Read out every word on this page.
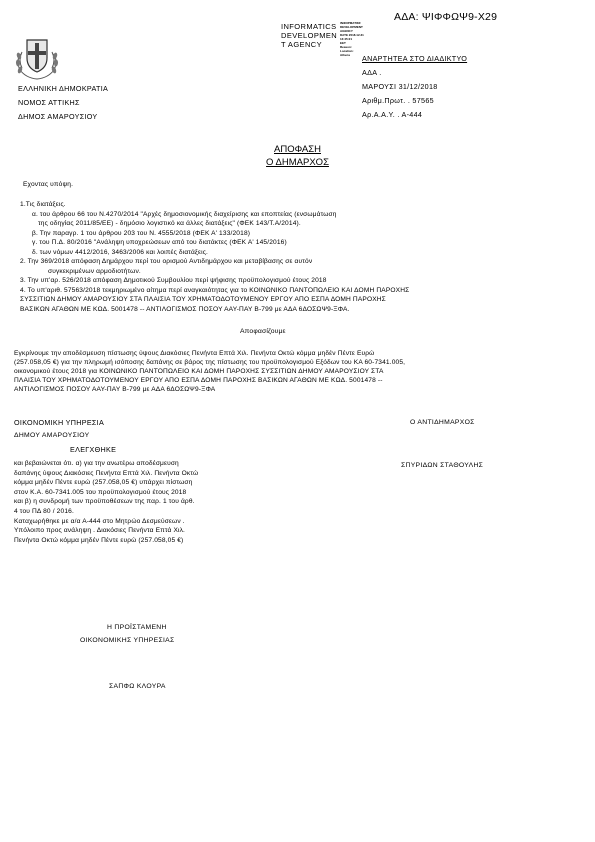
ΑΔΑ: ΨΙΦΦΩΨ9-Χ29
INFORMATICS
DEVELOPMEN
T AGENCY
ΙΝΦΟΡΜΑΤΙΚΣ
DEVELOPMENT
AGENCY
DATE 2018.12.31
13:45:21
EET
Reason:
Location:
Athens
ΕΛΛΗΝΙΚΗ ΔΗΜΟΚΡΑΤΙΑ
ΝΟΜΟΣ ΑΤΤΙΚΗΣ
ΔΗΜΟΣ ΑΜΑΡΟΥΣΙΟΥ
ΑΝΑΡΤΗΤΕΑ ΣΤΟ ΔΙΑΔΙΚΤΥΟ
ΑΔΑ .
ΜΑΡΟΥΣΙ 31/12/2018
Αριθμ.Πρωτ. . 57565
Αρ.Α.Α.Υ. . Α-444
ΑΠΟΦΑΣΗ
Ο ΔΗΜΑΡΧΟΣ
Εχοντας υπόψη.
1.Τις διατάξεις.
α. του άρθρου 66 του Ν.4270/2014 "Αρχές δημοσιονομικής διαχείρισης και εποπτείας (ενσωμάτωση
της οδηγίας 2011/85/ΕΕ) - δημόσιο λογιστικό κα άλλες διατάξεις" (ΦΕΚ 143/Τ.Α/2014).
β. Την παραγρ. 1 του άρθρου 203 του Ν. 4555/2018 (ΦΕΚ Α' 133/2018)
γ. του Π.Δ. 80/2016 "Ανάληψη υποχρεώσεων από του διατάκτες (ΦΕΚ Α' 145/2016)
δ. των νόμων 4412/2016, 3463/2006 και λοιπές διατάξεις.
2. Την 369/2018 απόφαση Δημάρχου περί του ορισμού Αντιδημάρχου και μεταβίβασης σε αυτόν
συγκεκριμένων αρμοδιοτήτων.
3. Την υπ'αρ. 526/2018 απόφαση Δημοτικού Συμβουλίου περί ψήφισης προϋπολογισμού έτους 2018
4. Το υπ'αριθ. 57563/2018 τεκμηριωμένο αίτημα περί αναγκαιότητας για το ΚΟΙΝΩΝΙΚΟ ΠΑΝΤΟΠΩΛΕΙΟ ΚΑΙ ΔΟΜΗ ΠΑΡΟΧΗΣ
ΣΥΣΣΙΤΙΩΝ ΔΗΜΟΥ ΑΜΑΡΟΥΣΙΟΥ ΣΤΑ ΠΛΑΙΣΙΑ ΤΟΥ ΧΡΗΜΑΤΟΔΟΤΟΥΜΕΝΟΥ ΕΡΓΟΥ ΑΠΟ ΕΣΠΑ ΔΟΜΗ ΠΑΡΟΧΗΣ
ΒΑΣΙΚΩΝ ΑΓΑΘΩΝ ΜΕ ΚΩΔ. 5001478 -- ΑΝΤΙΛΟΓΙΣΜΟΣ ΠΟΣΟΥ ΑΑΥ-ΠΑΥ Β-799 με ΑΔΑ 6ΔΟΣΩΨ9-ΞΦΑ.
Αποφασίζουμε
Εγκρίνουμε την αποδέσμευση πίστωσης ύψους Διακόσιες Πενήντα Επτά Χιλ. Πενήντα Οκτώ κόμμα μηδέν Πέντε Ευρώ
(257.058,05 €) για την πληρωμή ισόποσης δαπάνης σε βάρος της πίστωσης του προϋπολογισμού Εξόδων του ΚΑ 60-7341.005,
οικονομικού έτους 2018 για ΚΟΙΝΩΝΙΚΟ ΠΑΝΤΟΠΩΛΕΙΟ ΚΑΙ ΔΟΜΗ ΠΑΡΟΧΗΣ ΣΥΣΣΙΤΙΩΝ ΔΗΜΟΥ ΑΜΑΡΟΥΣΙΟΥ ΣΤΑ
ΠΛΑΙΣΙΑ ΤΟΥ ΧΡΗΜΑΤΟΔΟΤΟΥΜΕΝΟΥ ΕΡΓΟΥ ΑΠΟ ΕΣΠΑ ΔΟΜΗ ΠΑΡΟΧΗΣ ΒΑΣΙΚΩΝ ΑΓΑΘΩΝ ΜΕ ΚΩΔ. 5001478 --
ΑΝΤΙΛΟΓΙΣΜΟΣ ΠΟΣΟΥ ΑΑΥ-ΠΑΥ Β-799 με ΑΔΑ 6ΔΟΣΩΨ9-ΞΦΑ
ΟΙΚΟΝΟΜΙΚΗ ΥΠΗΡΕΣΙΑ
ΔΗΜΟΥ ΑΜΑΡΟΥΣΙΟΥ
ΕΛΕΓΧΘΗΚΕ
και βεβαιώνεται ότι. α) για την ανωτέρω αποδέσμευση
δαπάνης ύψους Διακόσιες Πενήντα Επτά Χιλ. Πενήντα Οκτώ
κόμμα μηδέν Πέντε ευρώ (257.058,05 €) υπάρχει πίστωση
στον Κ.Α. 60-7341.005 του προϋπολογισμού έτους 2018
και β) η συνδρομή των προϋποθέσεων της παρ. 1 του άρθ.
4 του ΠΔ 80 / 2016.
Καταχωρήθηκε με α/α Α-444 στο Μητρώο Δεσμεύσεων .
Υπόλοιπο προς ανάληψη . Διακόσιες Πενήντα Επτά Χιλ.
Πενήντα Οκτώ κόμμα μηδέν Πέντε ευρώ (257.058,05 €)
Ο ΑΝΤΙΔΗΜΑΡΧΟΣ
ΣΠΥΡΙΔΩΝ ΣΤΑΘΟΥΛΗΣ
Η ΠΡΟΪΣΤΑΜΕΝΗ
ΟΙΚΟΝΟΜΙΚΗΣ ΥΠΗΡΕΣΙΑΣ
ΣΑΠΦΩ ΚΛΟΥΡΑ
